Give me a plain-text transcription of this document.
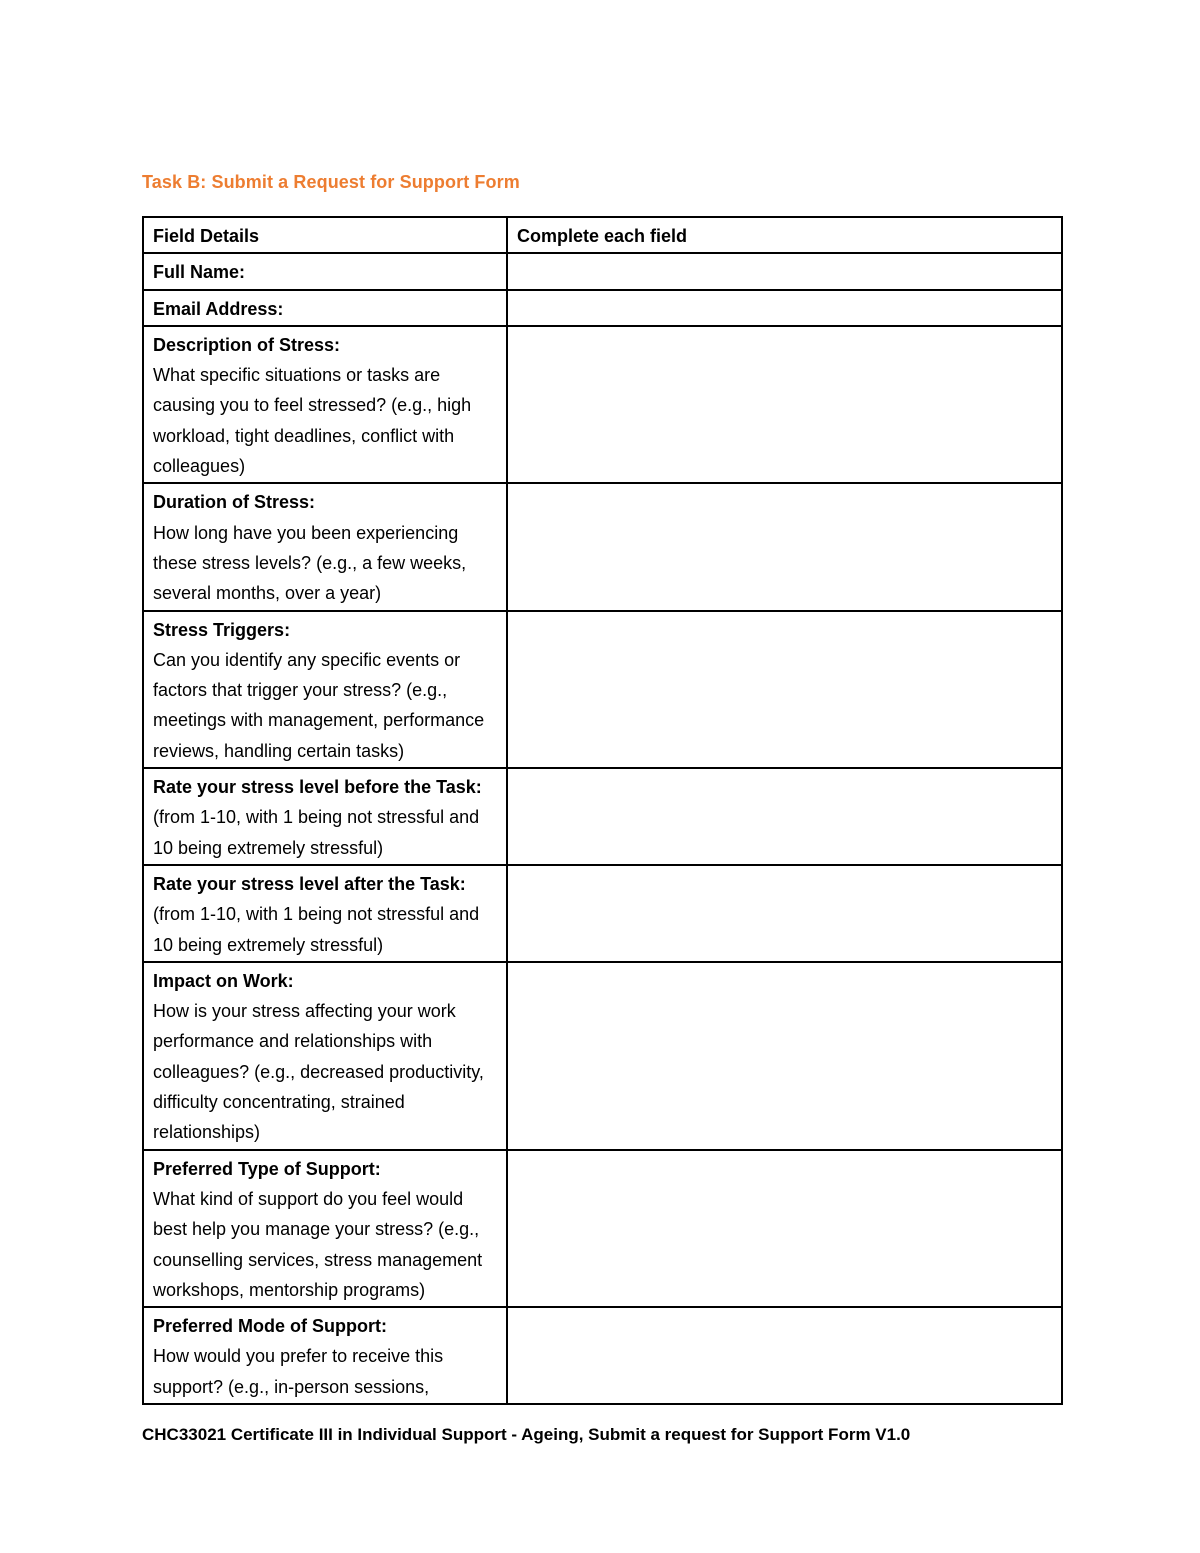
Task B: Submit a Request for Support Form
Field Details	Complete each field
Full Name:	
Email Address:	

Description of Stress:
What specific situations or tasks are causing you to feel stressed? (e.g., high workload, tight deadlines, conflict with colleagues)	

Duration of Stress:
How long have you been experiencing these stress levels? (e.g., a few weeks, several months, over a year)	

Stress Triggers:
Can you identify any specific events or factors that trigger your stress? (e.g., meetings with management, performance reviews, handling certain tasks)	

Rate your stress level before the Task:
(from 1-10, with 1 being not stressful and 10 being extremely stressful)	

Rate your stress level after the Task:
(from 1-10, with 1 being not stressful and 10 being extremely stressful)	

Impact on Work:
How is your stress affecting your work performance and relationships with colleagues? (e.g., decreased productivity, difficulty concentrating, strained relationships)	

Preferred Type of Support:
What kind of support do you feel would best help you manage your stress? (e.g., counselling services, stress management workshops, mentorship programs)	

Preferred Mode of Support:
How would you prefer to receive this support? (e.g., in-person sessions,	

CHC33021 Certificate III in Individual Support - Ageing, Submit a request for Support Form V1.0
